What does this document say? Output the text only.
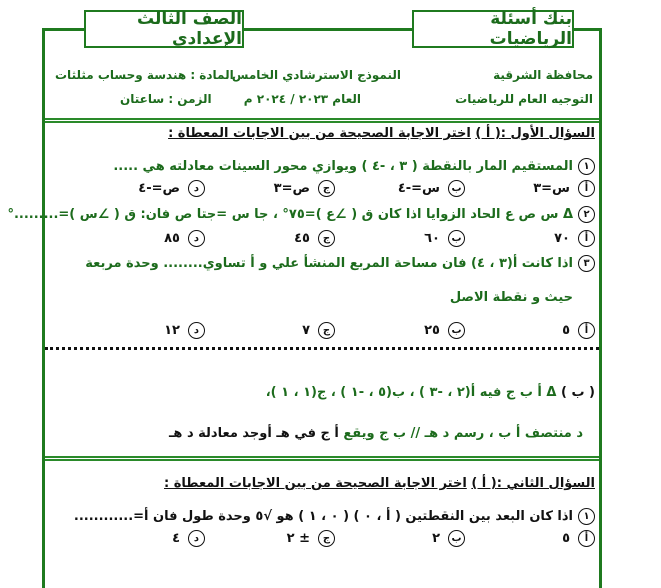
بنك أسئلة الرياضيات
الصف الثالث الإعدادي
محافظة الشرقية
التوجيه العام للرياضيات
النموذج الاسترشادي الخامس
العام ٢٠٢٣ / ٢٠٢٤ م
المادة : هندسة وحساب مثلثات
الزمن : ساعتان
السؤال الأول :( أ ) اختر الاجابة الصحيحة من بين الاجابات المعطاة :
١المستقيم المار بالنقطة ( ٣ ، -٤ ) ويوازي محور السينات معادلته هي .....
أس=٣
بس=-٤
جص=٣
دص=-٤
٢Δ س ص ع الحاد الزوايا اذا كان ق ( ∠ع )=٧٥° ، جا س =جتا ص فان: ق ( ∠س )=.........°
أ٧٠
ب٦٠
ج٤٥
د٨٥
٣اذا كانت أ(٣ ، ٤) فان مساحة المربع المنشأ علي و أ تساوي........ وحدة مربعة
حيث و نقطة الاصل
أ٥
ب٢٥
ج٧
د١٢
( ب ) Δ أ ب ج فيه أ(٢ ، -٣ ) ، ب(٥ ، -١ ) ، ج(١ ، ١ )،
د منتصف أ ب ، رسم د هـ // ب ج ويقع أ ج في هـ أوجد معادلة د هـ
السؤال الثاني :( أ ) اختر الاجابة الصحيحة من بين الاجابات المعطاة :
١اذا كان البعد بين النقطتين ( أ ، ٠ ) ( ٠ ، ١ ) هو √٥ وحدة طول فان أ=............
أ٥
ب٢
ج± ٢
د٤
